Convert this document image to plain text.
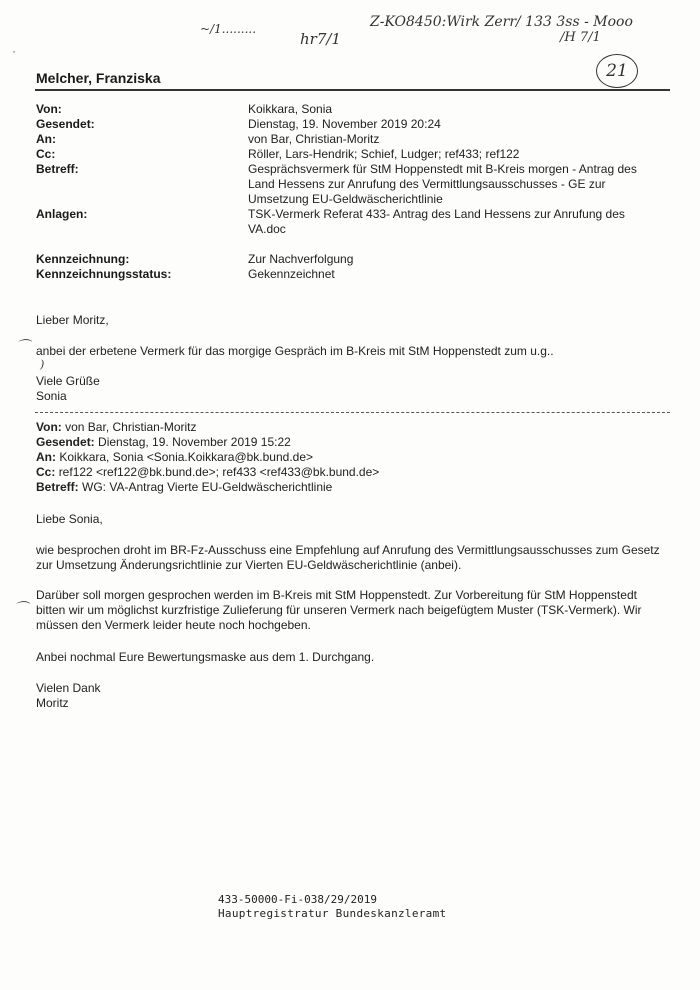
~/1.........
hr7/1
Z-KO8450:Wirk Zerr/ 133 3ss - Mooo
/H 7/1
21
·
Melcher, Franziska
Von:	Koikkara, Sonia
Gesendet:	Dienstag, 19. November 2019 20:24
An:	von Bar, Christian-Moritz
Cc:	Röller, Lars-Hendrik; Schief, Ludger; ref433; ref122
Betreff:	Gesprächsvermerk für StM Hoppenstedt mit B-Kreis morgen - Antrag des
Land Hessens zur Anrufung des Vermittlungsausschusses - GE zur
Umsetzung EU-Geldwäscherichtlinie
Anlagen:	TSK-Vermerk Referat 433- Antrag des Land Hessens zur Anrufung des
VA.doc
Kennzeichnung:	Zur Nachverfolgung
Kennzeichnungsstatus:	Gekennzeichnet
Lieber Moritz,
⌒ anbei der erbetene Vermerk für das morgige Gespräch im B-Kreis mit StM Hoppenstedt zum u.g..
)
Viele Grüße
Sonia
Von: von Bar, Christian-Moritz
Gesendet: Dienstag, 19. November 2019 15:22
An: Koikkara, Sonia <Sonia.Koikkara@bk.bund.de>
Cc: ref122 <ref122@bk.bund.de>; ref433 <ref433@bk.bund.de>
Betreff: WG: VA-Antrag Vierte EU-Geldwäscherichtlinie
Liebe Sonia,
wie besprochen droht im BR-Fz-Ausschuss eine Empfehlung auf Anrufung des Vermittlungsausschusses zum Gesetz
zur Umsetzung Änderungsrichtlinie zur Vierten EU-Geldwäscherichtlinie (anbei).
Darüber soll morgen gesprochen werden im B-Kreis mit StM Hoppenstedt. Zur Vorbereitung für StM Hoppenstedt
⌒ bitten wir um möglichst kurzfristige Zulieferung für unseren Vermerk nach beigefügtem Muster (TSK-Vermerk). Wir
müssen den Vermerk leider heute noch hochgeben.
Anbei nochmal Eure Bewertungsmaske aus dem 1. Durchgang.
Vielen Dank
Moritz
433-50000-Fi-038/29/2019
Hauptregistratur Bundeskanzleramt
